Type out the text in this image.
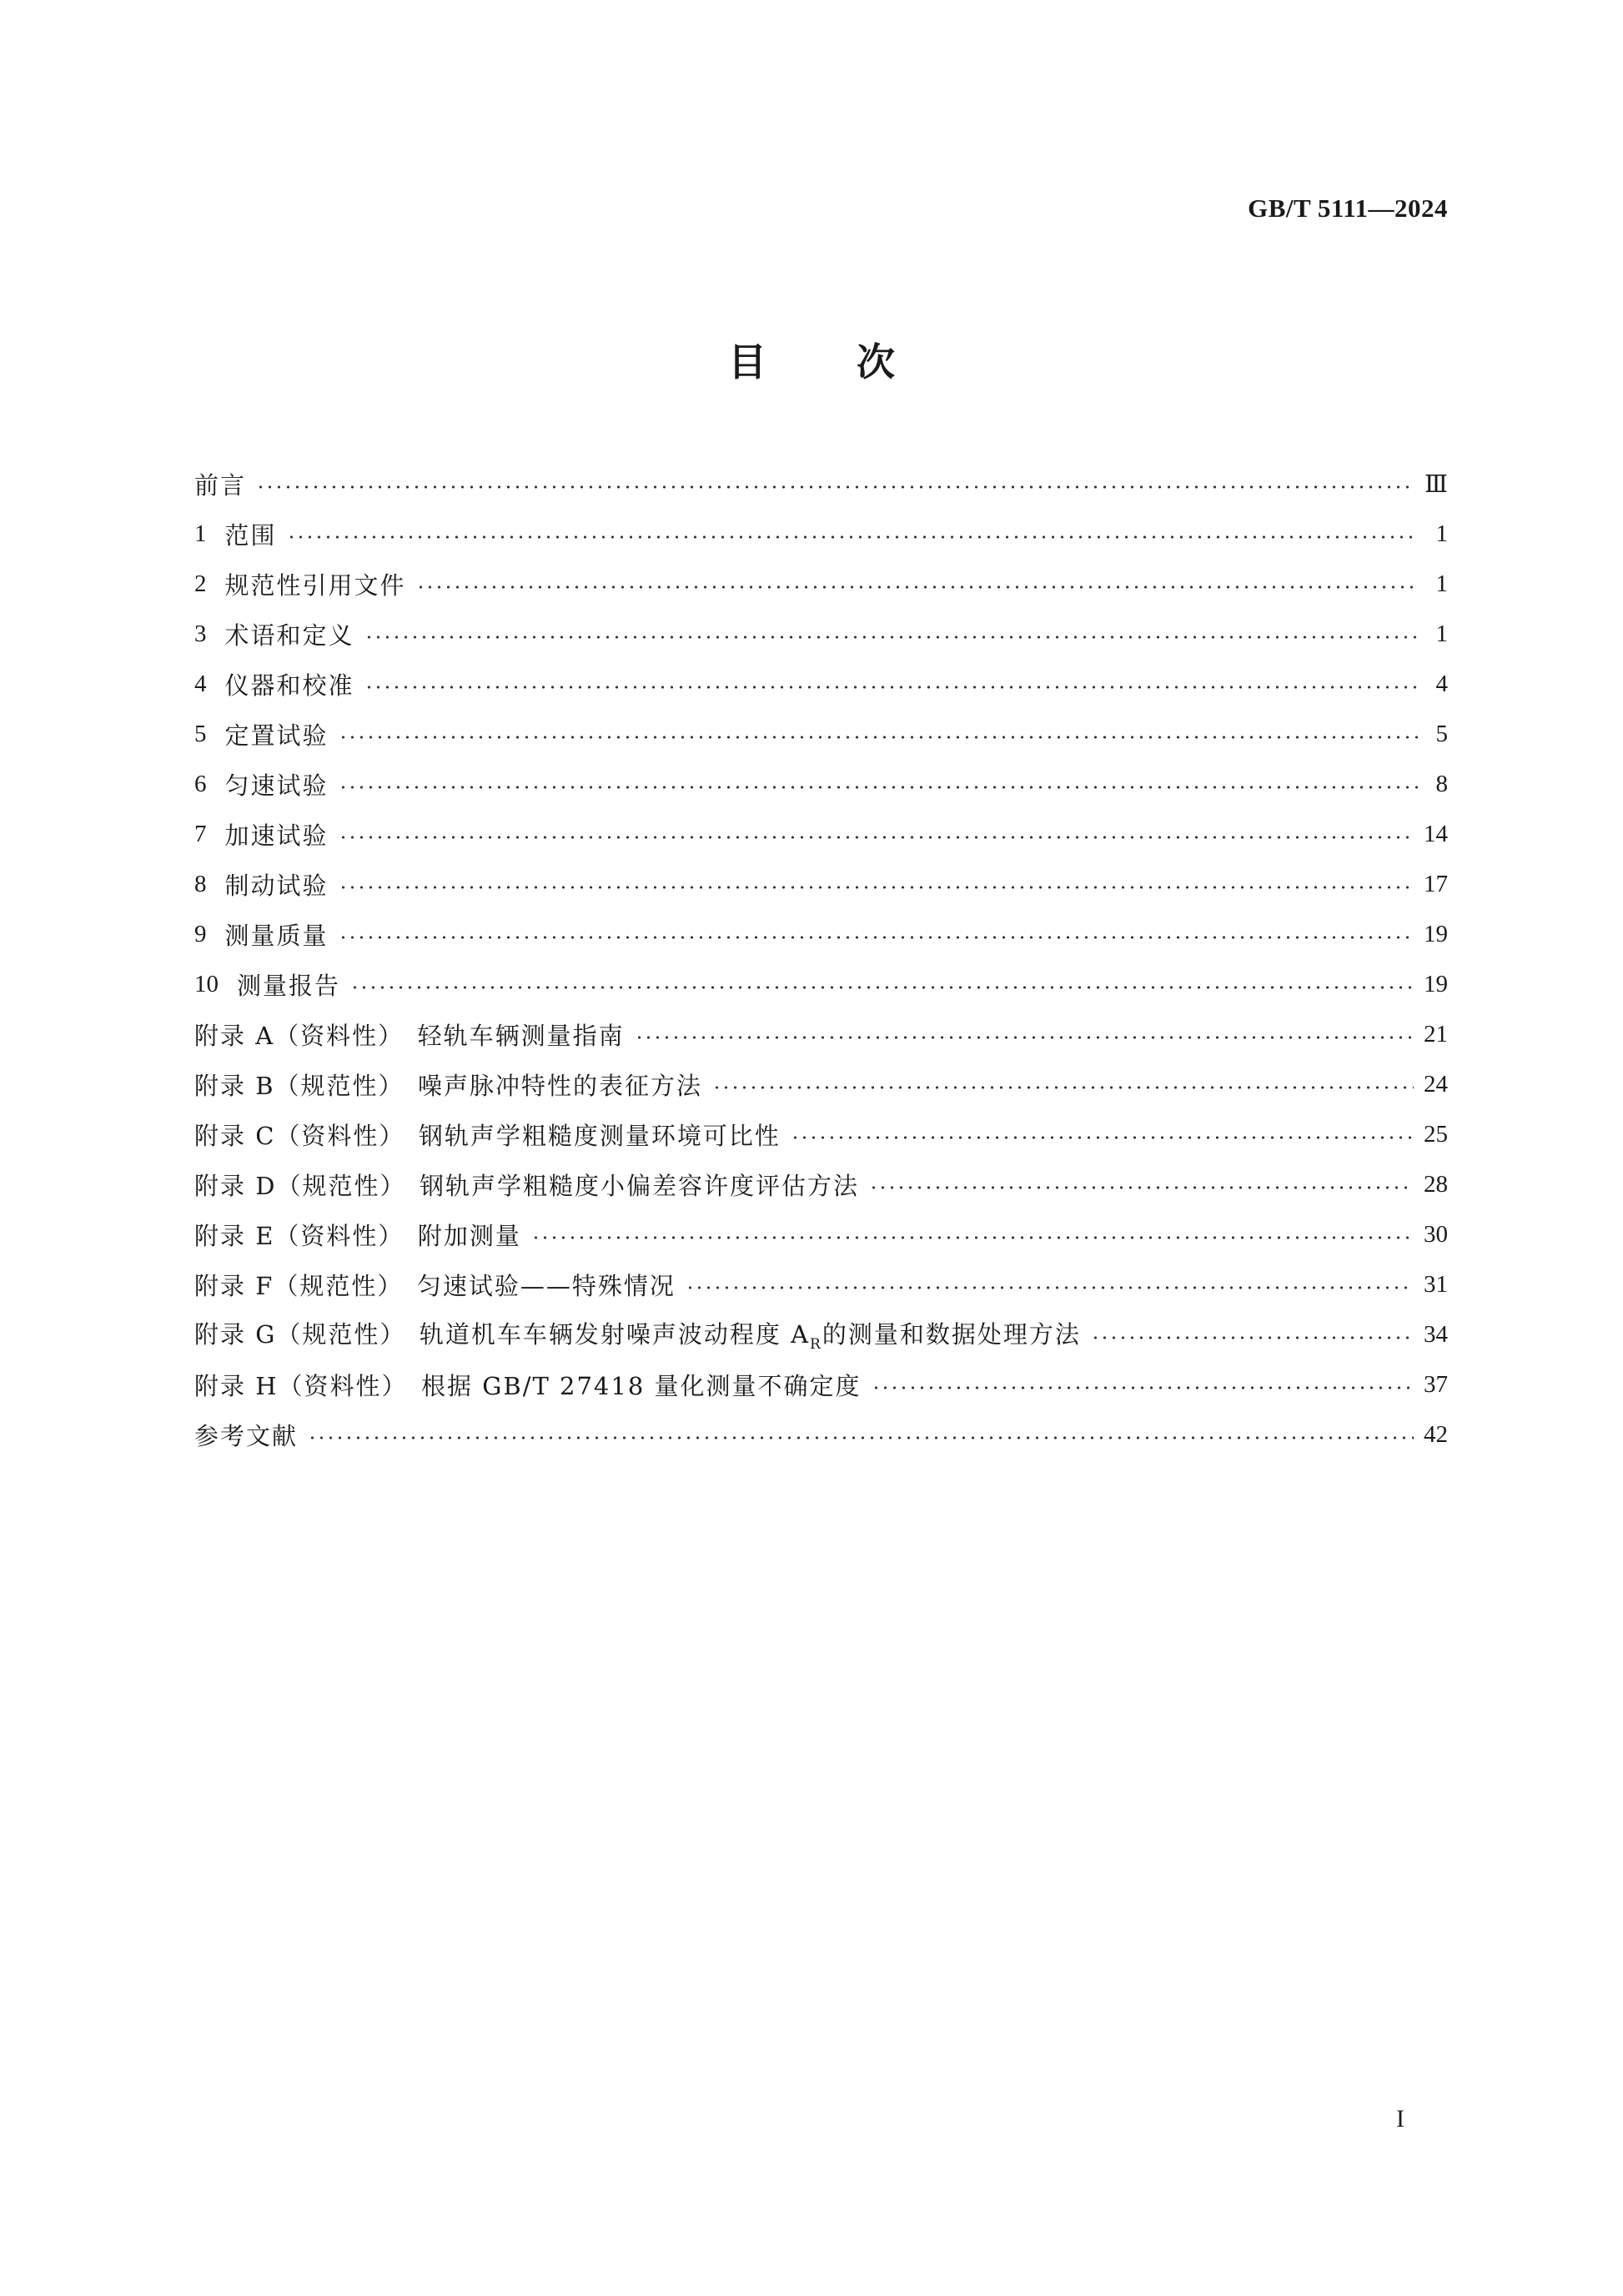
GB/T 5111—2024
目次
前言	Ⅲ
1 范围	1
2 规范性引用文件	1
3 术语和定义	1
4 仪器和校准	4
5 定置试验	5
6 匀速试验	8
7 加速试验	14
8 制动试验	17
9 测量质量	19
10 测量报告	19
附录 A（资料性）　轻轨车辆测量指南	21
附录 B（规范性）　噪声脉冲特性的表征方法	24
附录 C（资料性）　钢轨声学粗糙度测量环境可比性	25
附录 D（规范性）　钢轨声学粗糙度小偏差容许度评估方法	28
附录 E（资料性）　附加测量	30
附录 F（规范性）　匀速试验——特殊情况	31
附录 G（规范性）　轨道机车车辆发射噪声波动程度 $A_R$的测量和数据处理方法	34
附录 H（资料性）　根据 GB/T 27418 量化测量不确定度	37
参考文献	42
I
